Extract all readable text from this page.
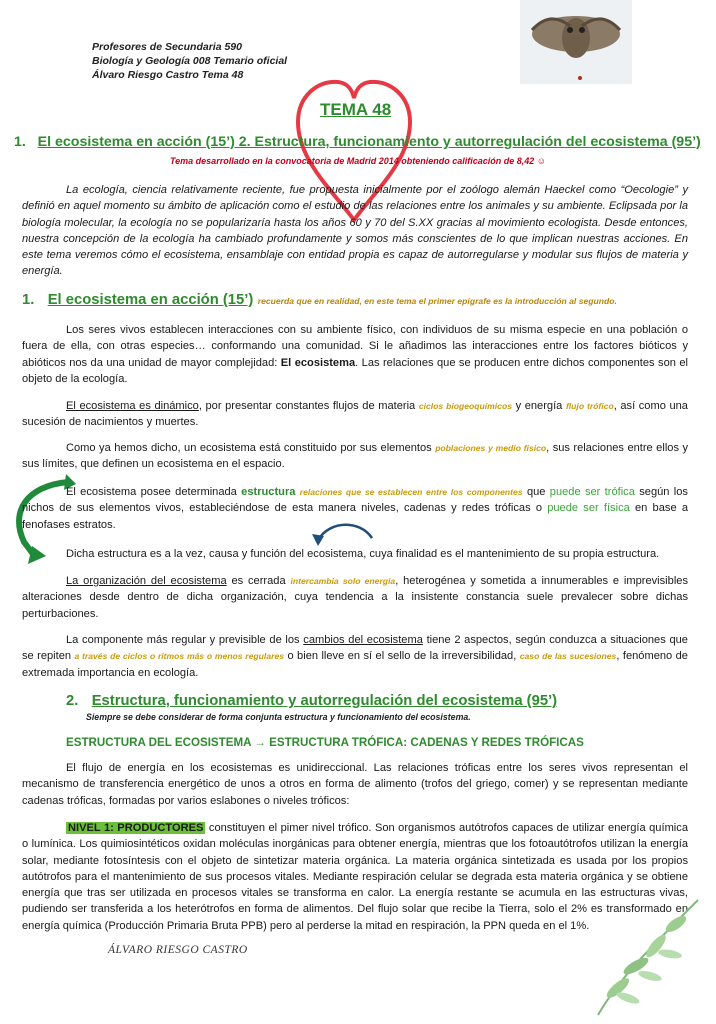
Profesores de Secundaria 590
Biología y Geología 008 Temario oficial
Álvaro Riesgo Castro Tema 48
TEMA 48
1. El ecosistema en acción (15’) 2. Estructura, funcionamiento y autorregulación del ecosistema (95’)
Tema desarrollado en la convocatoria de Madrid 2014 obteniendo calificación de 8,42 ☺
La ecología, ciencia relativamente reciente, fue propuesta inicialmente por el zoólogo alemán Haeckel como “Oecologie” y definió en aquel momento su ámbito de aplicación como el estudio de las relaciones entre los animales y su ambiente. Eclipsada por la biología molecular, la ecología no se popularizaría hasta los años 60 y 70 del S.XX gracias al movimiento ecologista. Desde entonces, nuestra concepción de la ecología ha cambiado profundamente y somos más conscientes de lo que implican nuestras acciones. En este tema veremos cómo el ecosistema, ensamblaje con entidad propia es capaz de autorregularse y modular sus flujos de materia y energía.
1. El ecosistema en acción (15’) recuerda que en realidad, en este tema el primer epígrafe es la introducción al segundo.
Los seres vivos establecen interacciones con su ambiente físico, con individuos de su misma especie en una población o fuera de ella, con otras especies… conformando una comunidad. Si le añadimos las interacciones entre los factores bióticos y abióticos nos da una unidad de mayor complejidad: El ecosistema. Las relaciones que se producen entre dichos componentes son el objeto de la ecología.
El ecosistema es dinámico, por presentar constantes flujos de materia ciclos biogeoquímicos y energía flujo trófico, así como una sucesión de nacimientos y muertes.
Como ya hemos dicho, un ecosistema está constituido por sus elementos poblaciones y medio físico, sus relaciones entre ellos y sus límites, que definen un ecosistema en el espacio.
El ecosistema posee determinada estructura relaciones que se establecen entre los componentes que puede ser trófica según los nichos de sus elementos vivos, estableciéndose de esta manera niveles, cadenas y redes tróficas o puede ser física en base a fenofases estratos.
Dicha estructura es a la vez, causa y función del ecosistema, cuya finalidad es el mantenimiento de su propia estructura.
La organización del ecosistema es cerrada intercambia solo energía, heterogénea y sometida a innumerables e imprevisibles alteraciones desde dentro de dicha organización, cuya tendencia a la insistente constancia suele prevalecer sobre dichas perturbaciones.
La componente más regular y previsible de los cambios del ecosistema tiene 2 aspectos, según conduzca a situaciones que se repiten a través de ciclos o ritmos más o menos regulares o bien lleve en sí el sello de la irreversibilidad, caso de las sucesiones, fenómeno de extremada importancia en ecología.
2. Estructura, funcionamiento y autorregulación del ecosistema (95’)
Siempre se debe considerar de forma conjunta estructura y funcionamiento del ecosistema.
ESTRUCTURA DEL ECOSISTEMA → ESTRUCTURA TRÓFICA: CADENAS Y REDES TRÓFICAS
El flujo de energía en los ecosistemas es unidireccional. Las relaciones tróficas entre los seres vivos representan el mecanismo de transferencia energético de unos a otros en forma de alimento (trofos del griego, comer) y se representan mediante cadenas tróficas, formadas por varios eslabones o niveles tróficos:
NIVEL 1: PRODUCTORES constituyen el pimer nivel trófico. Son organismos autótrofos capaces de utilizar energía química o lumínica. Los quimiosintéticos oxidan moléculas inorgánicas para obtener energía, mientras que los fotoautótrofos utilizan la energía solar, mediante fotosíntesis con el objeto de sintetizar materia orgánica. La materia orgánica sintetizada es usada por los propios autótrofos para el mantenimiento de sus procesos vitales. Mediante respiración celular se degrada esta materia orgánica y se obtiene energía que tras ser utilizada en procesos vitales se transforma en calor. La energía restante se acumula en las estructuras vivas, pudiendo ser transferida a los heterótrofos en forma de alimentos. Del flujo solar que recibe la Tierra, solo el 2% es transformado en energía química (Producción Primaria Bruta PPB) pero al perderse la mitad en respiración, la PPN queda en el 1%.
ÁLVARO RIESGO CASTRO
